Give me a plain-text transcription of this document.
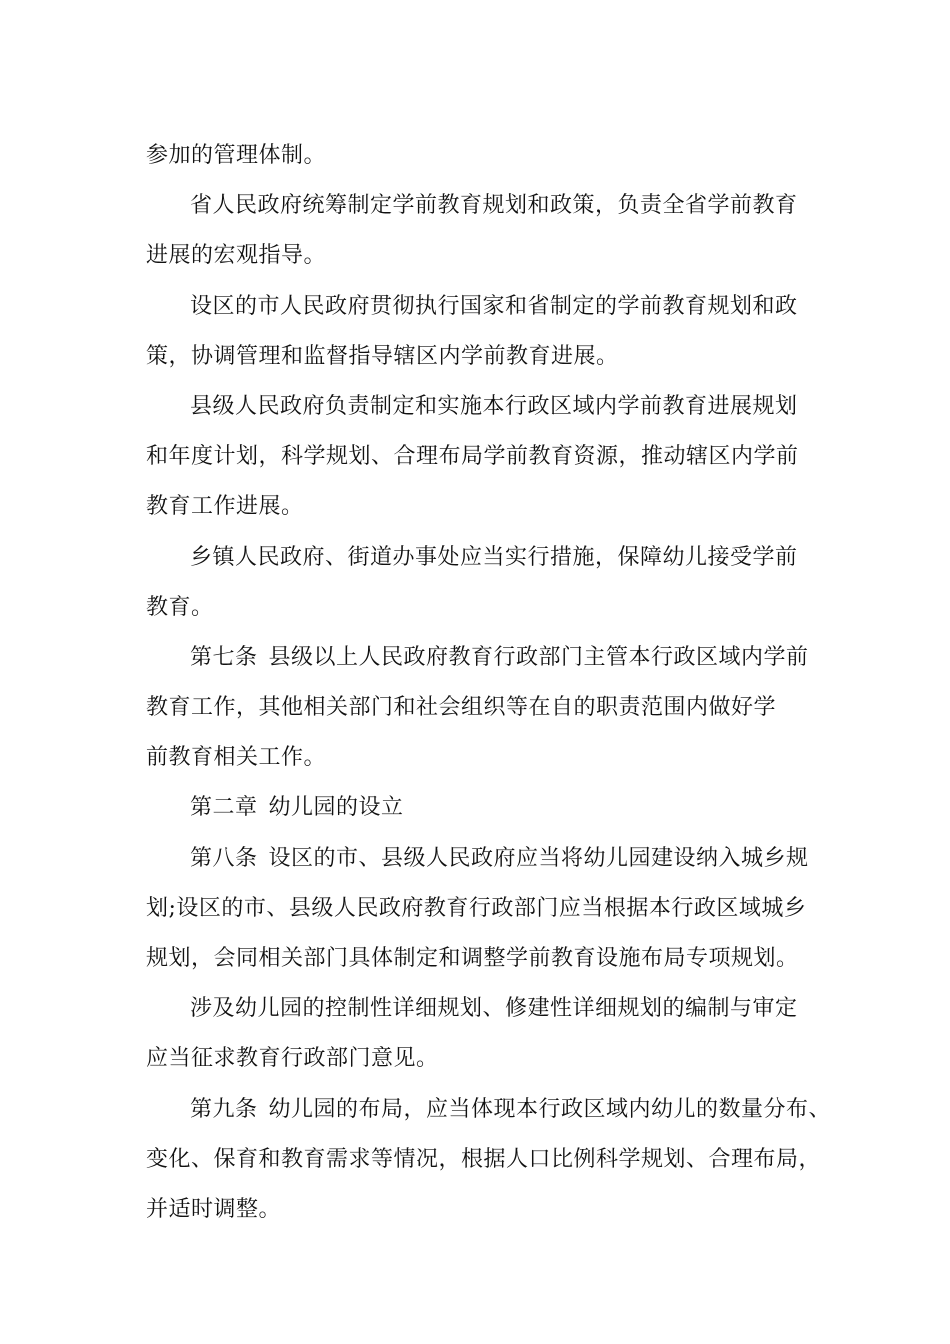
参加的管理体制。
省人民政府统筹制定学前教育规划和政策，负责全省学前教育
进展的宏观指导。
设区的市人民政府贯彻执行国家和省制定的学前教育规划和政
策，协调管理和监督指导辖区内学前教育进展。
县级人民政府负责制定和实施本行政区域内学前教育进展规划
和年度计划，科学规划、合理布局学前教育资源，推动辖区内学前
教育工作进展。
乡镇人民政府、街道办事处应当实行措施，保障幼儿接受学前
教育。
第七条 县级以上人民政府教育行政部门主管本行政区域内学前
教育工作，其他相关部门和社会组织等在自的职责范围内做好学
前教育相关工作。
第二章 幼儿园的设立
第八条 设区的市、县级人民政府应当将幼儿园建设纳入城乡规
划;设区的市、县级人民政府教育行政部门应当根据本行政区域城乡
规划，会同相关部门具体制定和调整学前教育设施布局专项规划。
涉及幼儿园的控制性详细规划、修建性详细规划的编制与审定
应当征求教育行政部门意见。
第九条 幼儿园的布局，应当体现本行政区域内幼儿的数量分布、
变化、保育和教育需求等情况，根据人口比例科学规划、合理布局，
并适时调整。
